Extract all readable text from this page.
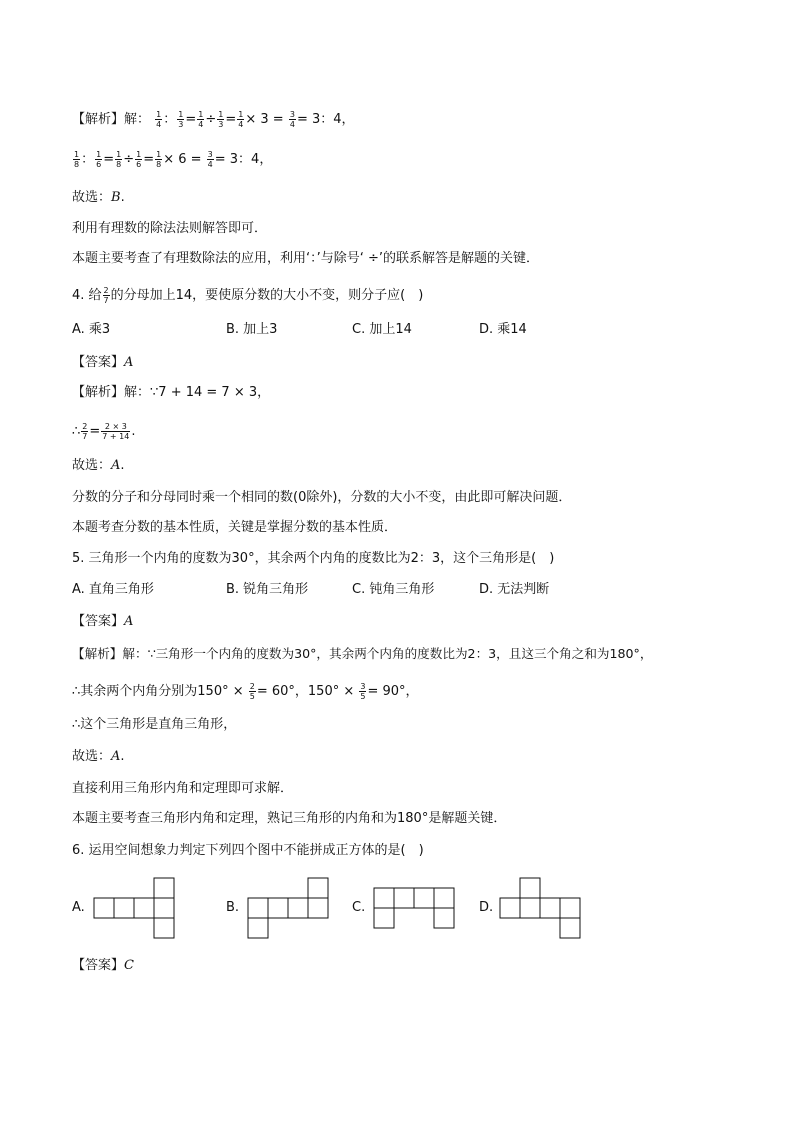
【解析】解： $\frac{1}{4}$ ： $\frac{1}{3} = \frac{1}{4} \div \frac{1}{3} = \frac{1}{4} \times 3 = \frac{3}{4} = 3$：4，
$\frac{1}{8}$ ： $\frac{1}{6} = \frac{1}{8} \div \frac{1}{6} = \frac{1}{8} \times 6 = \frac{3}{4} = 3$：4，
故选：B.
利用有理数的除法法则解答即可．
本题主要考查了有理数除法的应用，利用‘：’与除号‘ ÷’的联系解答是解题的关键．
4. 给 $\frac{2}{7}$ 的分母加上14，要使原分数的大小不变，则分子应(　)
A. 乘3	B. 加上3	C. 加上14	D. 乘14
【答案】A
【解析】解：∵7 + 14 = 7 × 3，
∴ $\frac{2}{7} = \frac{2 \times 3}{7 + 14}$ .
故选：A.
分数的分子和分母同时乘一个相同的数(0除外)，分数的大小不变，由此即可解决问题．
本题考查分数的基本性质，关键是掌握分数的基本性质．
5. 三角形一个内角的度数为30°，其余两个内角的度数比为2：3，这个三角形是(　)
A. 直角三角形	B. 锐角三角形	C. 钝角三角形	D. 无法判断
【答案】A
【解析】解：∵三角形一个内角的度数为30°，其余两个内角的度数比为2：3，且这三个角之和为180°，
∴其余两个内角分别为$150^\circ \times \frac{2}{5} = 60^\circ$，$150^\circ \times \frac{3}{5} = 90^\circ$，
∴这个三角形是直角三角形，
故选：A.
直接利用三角形内角和定理即可求解．
本题主要考查三角形内角和定理，熟记三角形的内角和为180°是解题关键．
6. 运用空间想象力判定下列四个图中不能拼成正方体的是(　)
A.	B.	C.	D.
【答案】C
